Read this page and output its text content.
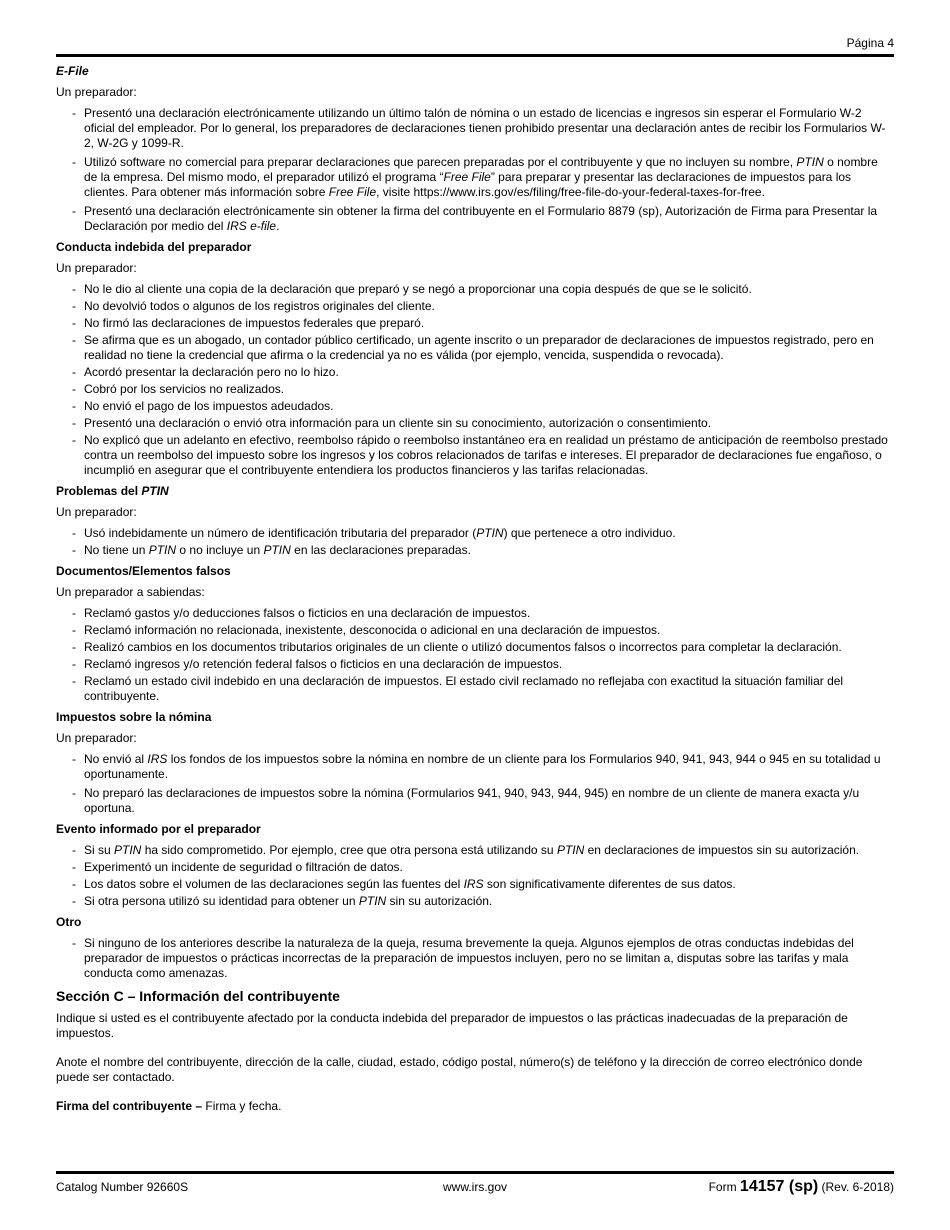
Página 4
E-File
Un preparador:
- Presentó una declaración electrónicamente utilizando un último talón de nómina o un estado de licencias e ingresos sin esperar el Formulario W-2 oficial del empleador. Por lo general, los preparadores de declaraciones tienen prohibido presentar una declaración antes de recibir los Formularios W-2, W-2G y 1099-R.
- Utilizó software no comercial para preparar declaraciones que parecen preparadas por el contribuyente y que no incluyen su nombre, PTIN o nombre de la empresa. Del mismo modo, el preparador utilizó el programa “Free File” para preparar y presentar las declaraciones de impuestos para los clientes. Para obtener más información sobre Free File, visite https://www.irs.gov/es/filing/free-file-do-your-federal-taxes-for-free.
- Presentó una declaración electrónicamente sin obtener la firma del contribuyente en el Formulario 8879 (sp), Autorización de Firma para Presentar la Declaración por medio del IRS e-file.
Conducta indebida del preparador
Un preparador:
- No le dio al cliente una copia de la declaración que preparó y se negó a proporcionar una copia después de que se le solicitó.
- No devolvió todos o algunos de los registros originales del cliente.
- No firmó las declaraciones de impuestos federales que preparó.
- Se afirma que es un abogado, un contador público certificado, un agente inscrito o un preparador de declaraciones de impuestos registrado, pero en realidad no tiene la credencial que afirma o la credencial ya no es válida (por ejemplo, vencida, suspendida o revocada).
- Acordó presentar la declaración pero no lo hizo.
- Cobró por los servicios no realizados.
- No envió el pago de los impuestos adeudados.
- Presentó una declaración o envió otra información para un cliente sin su conocimiento, autorización o consentimiento.
- No explicó que un adelanto en efectivo, reembolso rápido o reembolso instantáneo era en realidad un préstamo de anticipación de reembolso prestado contra un reembolso del impuesto sobre los ingresos y los cobros relacionados de tarifas e intereses. El preparador de declaraciones fue engañoso, o incumplió en asegurar que el contribuyente entendiera los productos financieros y las tarifas relacionadas.
Problemas del PTIN
Un preparador:
- Usó indebidamente un número de identificación tributaria del preparador (PTIN) que pertenece a otro individuo.
- No tiene un PTIN o no incluye un PTIN en las declaraciones preparadas.
Documentos/Elementos falsos
Un preparador a sabiendas:
- Reclamó gastos y/o deducciones falsos o ficticios en una declaración de impuestos.
- Reclamó información no relacionada, inexistente, desconocida o adicional en una declaración de impuestos.
- Realizó cambios en los documentos tributarios originales de un cliente o utilizó documentos falsos o incorrectos para completar la declaración.
- Reclamó ingresos y/o retención federal falsos o ficticios en una declaración de impuestos.
- Reclamó un estado civil indebido en una declaración de impuestos. El estado civil reclamado no reflejaba con exactitud la situación familiar del contribuyente.
Impuestos sobre la nómina
Un preparador:
- No envió al IRS los fondos de los impuestos sobre la nómina en nombre de un cliente para los Formularios 940, 941, 943, 944 o 945 en su totalidad u oportunamente.
- No preparó las declaraciones de impuestos sobre la nómina (Formularios 941, 940, 943, 944, 945) en nombre de un cliente de manera exacta y/u oportuna.
Evento informado por el preparador
- Si su PTIN ha sido comprometido. Por ejemplo, cree que otra persona está utilizando su PTIN en declaraciones de impuestos sin su autorización.
- Experimentó un incidente de seguridad o filtración de datos.
- Los datos sobre el volumen de las declaraciones según las fuentes del IRS son significativamente diferentes de sus datos.
- Si otra persona utilizó su identidad para obtener un PTIN sin su autorización.
Otro
- Si ninguno de los anteriores describe la naturaleza de la queja, resuma brevemente la queja. Algunos ejemplos de otras conductas indebidas del preparador de impuestos o prácticas incorrectas de la preparación de impuestos incluyen, pero no se limitan a, disputas sobre las tarifas y mala conducta como amenazas.
Sección C – Información del contribuyente
Indique si usted es el contribuyente afectado por la conducta indebida del preparador de impuestos o las prácticas inadecuadas de la preparación de impuestos.
Anote el nombre del contribuyente, dirección de la calle, ciudad, estado, código postal, número(s) de teléfono y la dirección de correo electrónico donde puede ser contactado.
Firma del contribuyente – Firma y fecha.
Catalog Number 92660S	www.irs.gov	Form 14157 (sp) (Rev. 6-2018)
